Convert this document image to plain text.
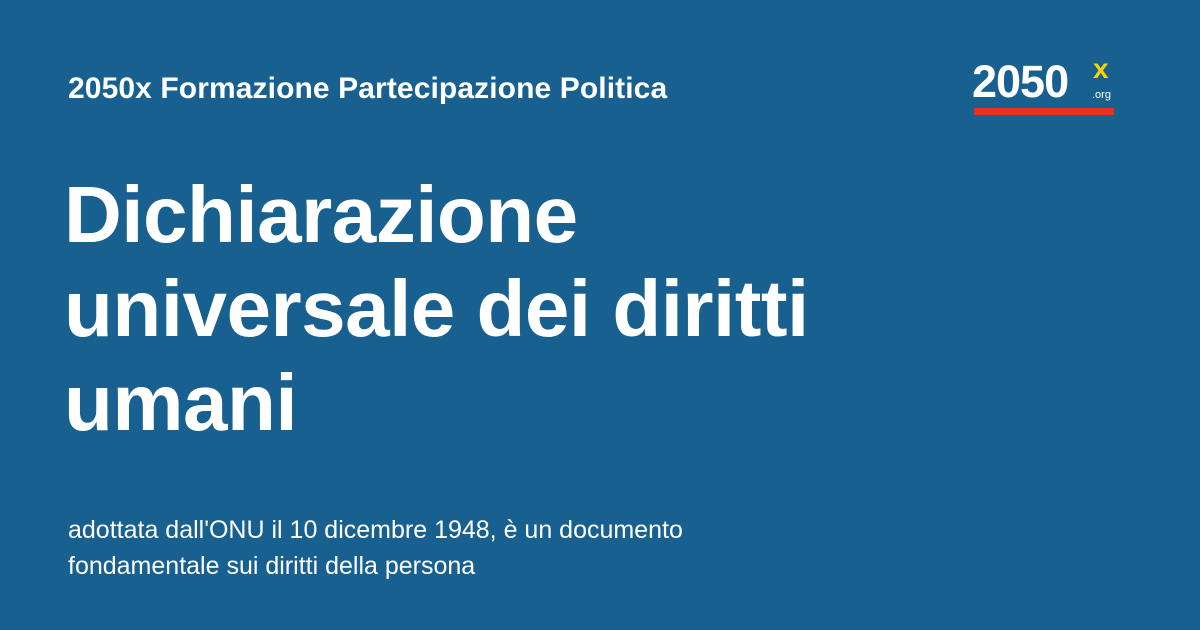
2050x Formazione Partecipazione Politica	2050 x
.org
Dichiarazione universale dei diritti umani

adottata dall'ONU il 10 dicembre 1948, è un documento fondamentale sui diritti della persona
